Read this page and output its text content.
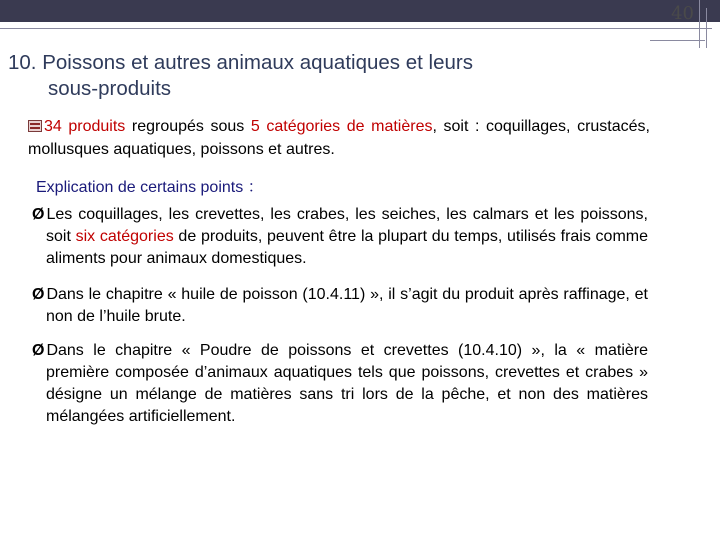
40
10. Poissons et autres animaux aquatiques et leurs
sous-produits
34 produits regroupés sous 5 catégories de matières, soit : coquillages, crustacés, mollusques aquatiques, poissons et autres.
Explication de certains points ：
Ø Les coquillages, les crevettes, les crabes, les seiches, les calmars et les poissons, soit six catégories de produits, peuvent être la plupart du temps, utilisés frais comme aliments pour animaux domestiques.
Ø Dans le chapitre « huile de poisson (10.4.11) », il s’agit du produit après raffinage, et non de l’huile brute.
Ø Dans le chapitre « Poudre de poissons et crevettes (10.4.10) », la « matière première composée d’animaux aquatiques tels que poissons, crevettes et crabes » désigne un mélange de matières sans tri lors de la pêche, et non des matières mélangées artificiellement.
